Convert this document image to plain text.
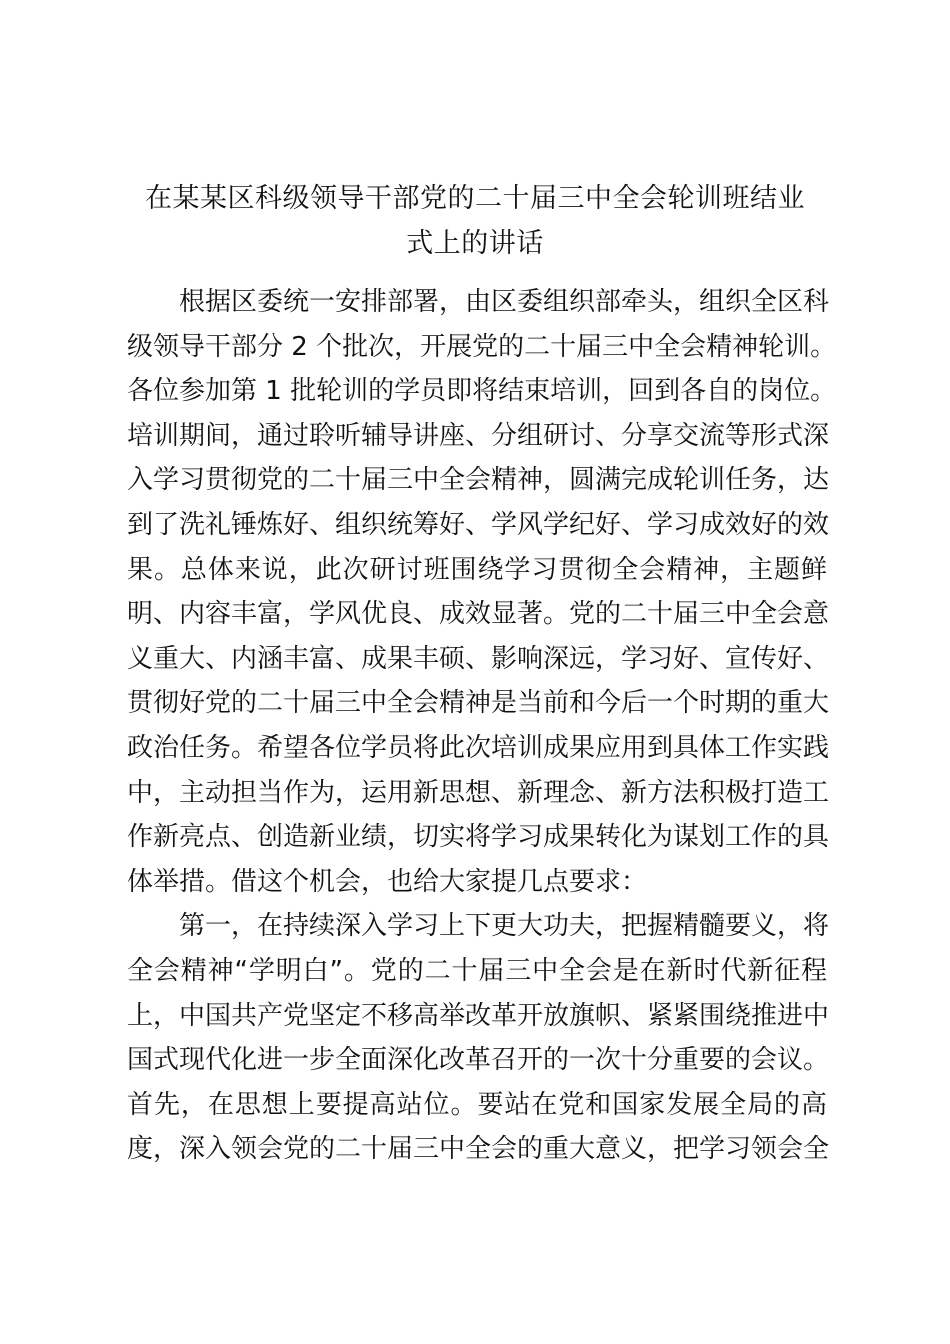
在某某区科级领导干部党的二十届三中全会轮训班结业
式上的讲话
根据区委统一安排部署，由区委组织部牵头，组织全区科
级领导干部分 2 个批次，开展党的二十届三中全会精神轮训。
各位参加第 1 批轮训的学员即将结束培训，回到各自的岗位。
培训期间，通过聆听辅导讲座、分组研讨、分享交流等形式深
入学习贯彻党的二十届三中全会精神，圆满完成轮训任务，达
到了洗礼锤炼好、组织统筹好、学风学纪好、学习成效好的效
果。总体来说，此次研讨班围绕学习贯彻全会精神，主题鲜
明、内容丰富，学风优良、成效显著。党的二十届三中全会意
义重大、内涵丰富、成果丰硕、影响深远，学习好、宣传好、
贯彻好党的二十届三中全会精神是当前和今后一个时期的重大
政治任务。希望各位学员将此次培训成果应用到具体工作实践
中，主动担当作为，运用新思想、新理念、新方法积极打造工
作新亮点、创造新业绩，切实将学习成果转化为谋划工作的具
体举措。借这个机会，也给大家提几点要求：
第一，在持续深入学习上下更大功夫，把握精髓要义，将
全会精神“学明白”。党的二十届三中全会是在新时代新征程
上，中国共产党坚定不移高举改革开放旗帜、紧紧围绕推进中
国式现代化进一步全面深化改革召开的一次十分重要的会议。
首先，在思想上要提高站位。要站在党和国家发展全局的高
度，深入领会党的二十届三中全会的重大意义，把学习领会全
